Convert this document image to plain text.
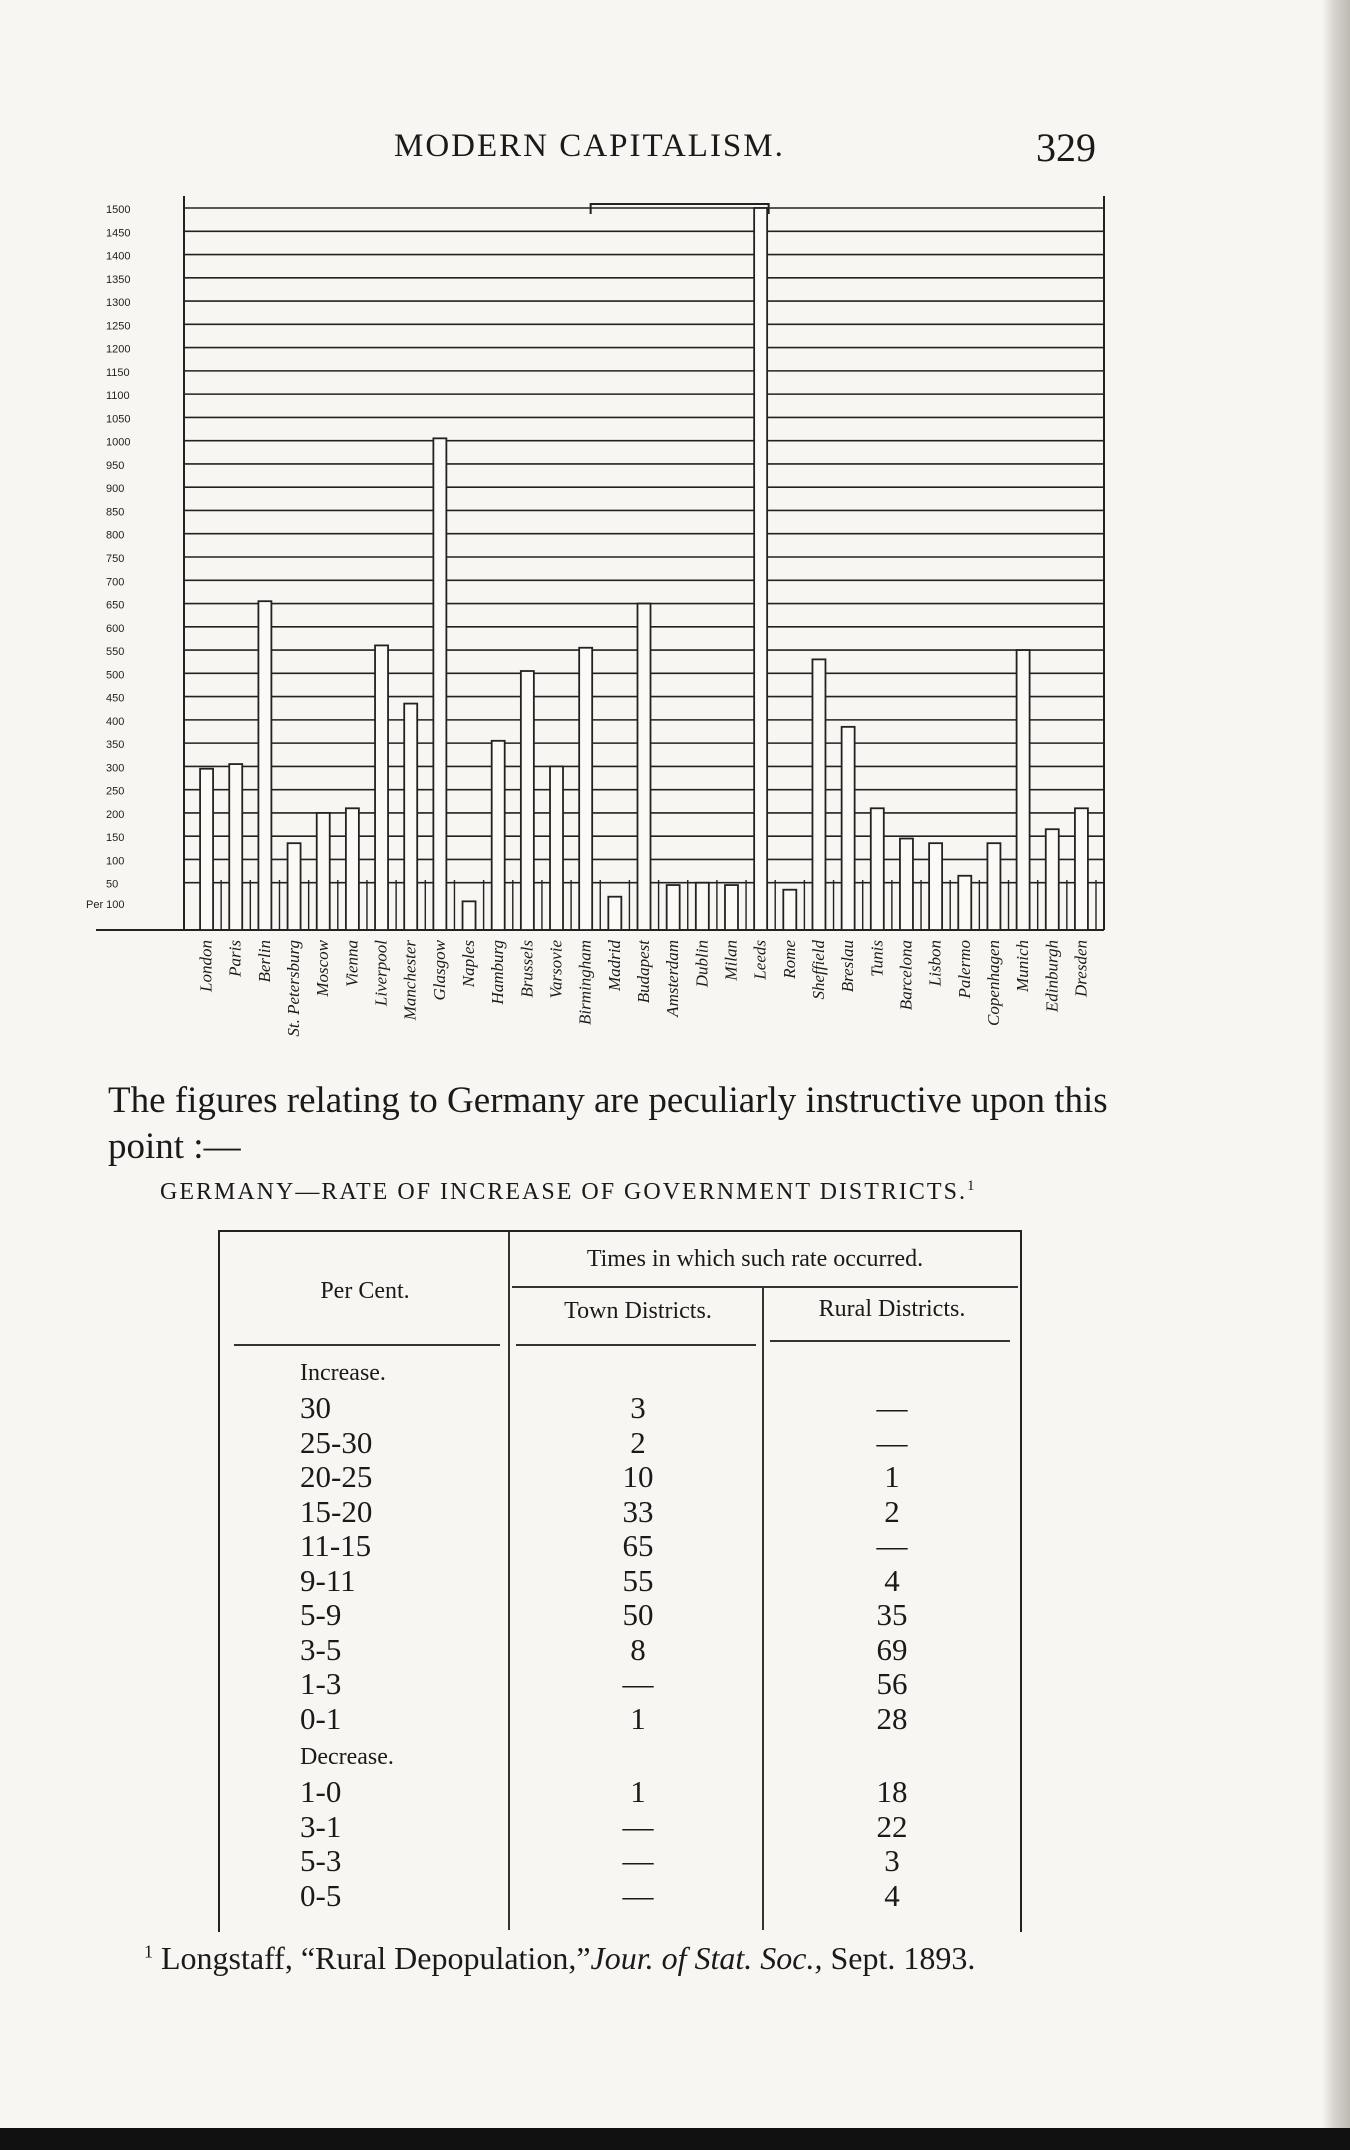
MODERN CAPITALISM.	329
1500
1450
1400
1350
1300
1250
1200
1150
1100
1050
1000
950
900
850
800
750
700
650
600
550
500
450
400
350
300
250
200
150
100
50
Per 100
London Paris Berlin St. Petersburg Moscow Vienna Liverpool Manchester Glasgow Naples Hamburg Brussels Varsovie Birmingham Madrid Budapest Amsterdam Dublin Milan Leeds Rome Sheffield Breslau Tunis Barcelona Lisbon Palermo Copenhagen Munich Edinburgh Dresden
The figures relating to Germany are peculiarly instructive upon this point :—
GERMANY—RATE OF INCREASE OF GOVERNMENT DISTRICTS.$^1$
Times in which such rate occurred.
Per Cent.
Town Districts.	Rural Districts.
Increase.
Decrease.
30	3	—
25-30	2	—
20-25	10	1
15-20	33	2
11-15	65	—
9-11	55	4
5-9	50	35
3-5	8	69
1-3	—	56
0-1	1	28
1-0	1	18
3-1	—	22
5-3	—	3
0-5	—	4
$^1$ Longstaff, “Rural Depopulation,”Jour. of Stat. Soc., Sept. 1893.
